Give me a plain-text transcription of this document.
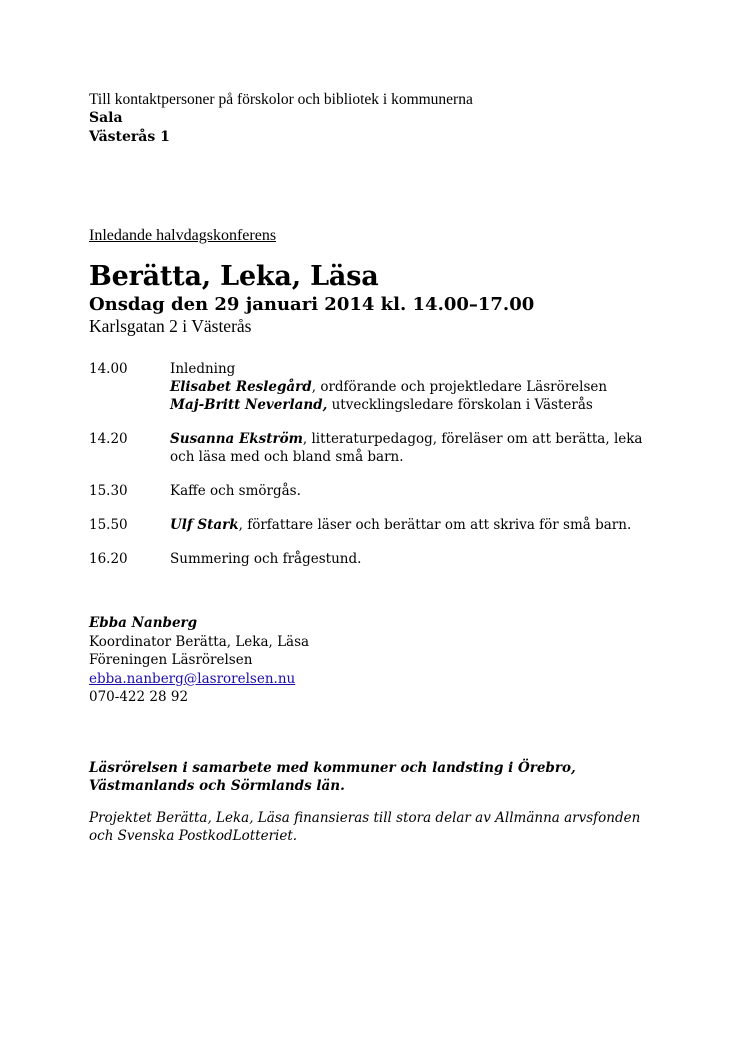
Till kontaktpersoner på förskolor och bibliotek i kommunerna
Sala
Västerås 1
Inledande halvdagskonferens
Berätta, Leka, Läsa
Onsdag den 29 januari 2014 kl. 14.00–17.00
Karlsgatan 2 i Västerås
14.00	Inledning
Elisabet Reslegård, ordförande och projektledare Läsrörelsen
Maj-Britt Neverland, utvecklingsledare förskolan i Västerås
14.20	Susanna Ekström, litteraturpedagog, föreläser om att berätta, leka
och läsa med och bland små barn.
15.30	Kaffe och smörgås.
15.50	Ulf Stark, författare läser och berättar om att skriva för små barn.
16.20	Summering och frågestund.
Ebba Nanberg
Koordinator Berätta, Leka, Läsa
Föreningen Läsrörelsen
ebba.nanberg@lasrorelsen.nu
070-422 28 92
Läsrörelsen i samarbete med kommuner och landsting i Örebro,
Västmanlands och Sörmlands län.
Projektet Berätta, Leka, Läsa finansieras till stora delar av Allmänna arvsfonden
och Svenska PostkodLotteriet.
